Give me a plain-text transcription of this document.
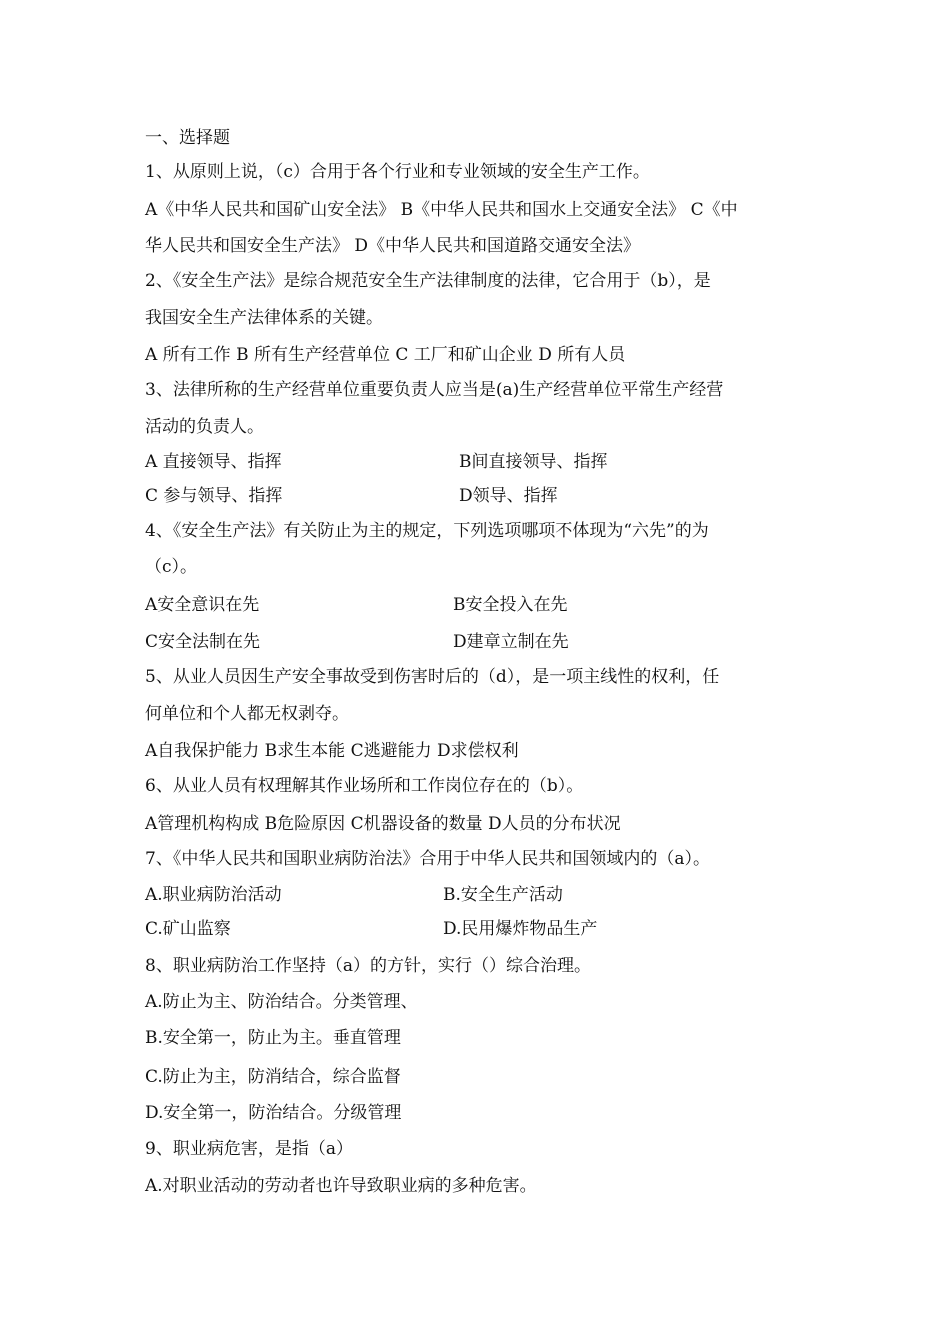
一、选择题
1、从原则上说，（c）合用于各个行业和专业领域的安全生产工作。
A《中华人民共和国矿山安全法》 B《中华人民共和国水上交通安全法》 C《中
华人民共和国安全生产法》 D《中华人民共和国道路交通安全法》
2、《安全生产法》是综合规范安全生产法律制度的法律，它合用于（b），是
我国安全生产法律体系的关键。
A 所有工作 B 所有生产经营单位 C 工厂和矿山企业 D 所有人员
3、法律所称的生产经营单位重要负责人应当是(a)生产经营单位平常生产经营
活动的负责人。
A 直接领导、指挥	B间直接领导、指挥
C 参与领导、指挥	D领导、指挥
4、《安全生产法》有关防止为主的规定，下列选项哪项不体现为“六先”的为
（c）。
A安全意识在先	B安全投入在先
C安全法制在先	D建章立制在先
5、从业人员因生产安全事故受到伤害时后的（d），是一项主线性的权利，任
何单位和个人都无权剥夺。
A自我保护能力 B求生本能 C逃避能力 D求偿权利
6、从业人员有权理解其作业场所和工作岗位存在的（b）。
A管理机构构成 B危险原因 C机器设备的数量 D人员的分布状况
7、《中华人民共和国职业病防治法》合用于中华人民共和国领域内的（a）。
A.职业病防治活动	B.安全生产活动
C.矿山监察	D.民用爆炸物品生产
8、职业病防治工作坚持（a）的方针，实行（）综合治理。
A.防止为主、防治结合。分类管理、
B.安全第一，防止为主。垂直管理
C.防止为主，防消结合，综合监督
D.安全第一，防治结合。分级管理
9、职业病危害，是指（a）
A.对职业活动的劳动者也许导致职业病的多种危害。
